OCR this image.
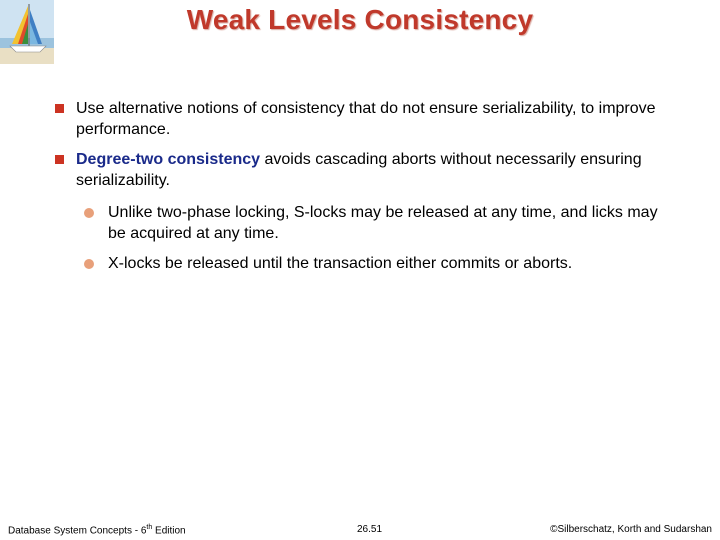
Weak Levels Consistency
Use alternative notions of consistency that do not ensure serializability, to improve performance.
Degree-two consistency avoids cascading aborts without necessarily ensuring serializability.
Unlike two-phase locking, S-locks may be released at any time, and licks may be acquired at any time.
X-locks be released until the transaction either commits or aborts.
Database System Concepts - 6th Edition	26.51	©Silberschatz, Korth and Sudarshan
